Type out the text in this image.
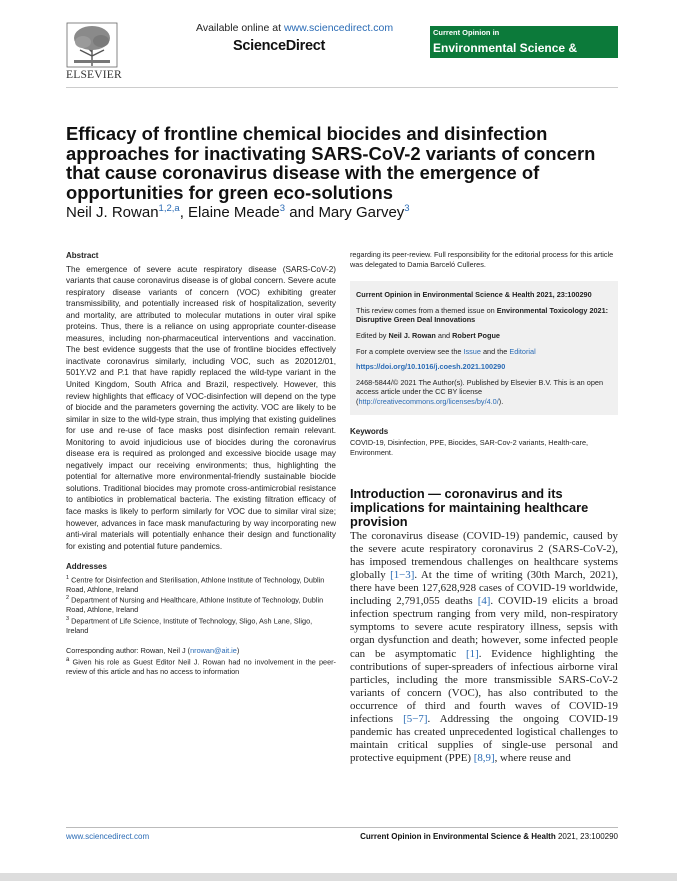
ELSEVIER
Available online at www.sciencedirect.com
ScienceDirect
Current Opinion in
Environmental Science & Health
Efficacy of frontline chemical biocides and disinfection approaches for inactivating SARS-CoV-2 variants of concern that cause coronavirus disease with the emergence of opportunities for green eco-solutions
Neil J. Rowan$^{1,2,a}$, Elaine Meade$^3$ and Mary Garvey$^3$
Abstract

The emergence of severe acute respiratory disease (SARS-CoV-2) variants that cause coronavirus disease is of global concern. Severe acute respiratory disease variants of concern (VOC) exhibiting greater transmissibility, and potentially increased risk of hospitalization, severity and mortality, are attributed to molecular mutations in outer viral spike proteins. Thus, there is a reliance on using appropriate counter-disease measures, including non-pharmaceutical interventions and vaccination. The best evidence suggests that the use of frontline biocides effectively inactivate coronavirus similarly, including VOC, such as 202012/01, 501Y.V2 and P.1 that have rapidly replaced the wild-type variant in the United Kingdom, South Africa and Brazil, respectively. However, this review highlights that efficacy of VOC-disinfection will depend on the type of biocide and the parameters governing the activity. VOC are likely to be similar in size to the wild-type strain, thus implying that existing guidelines for use and re-use of face masks post disinfection remain relevant. Monitoring to avoid injudicious use of biocides during the coronavirus disease era is required as prolonged and excessive biocide usage may negatively impact our receiving environments; thus, highlighting the potential for alternative more environmental-friendly sustainable biocide solutions. Traditional biocides may promote cross-antimicrobial resistance to antibiotics in problematical bacteria. The existing filtration efficacy of face masks is likely to perform similarly for VOC due to similar viral size; however, advances in face mask manufacturing by way incorporating new anti-viral materials will potentially enhance their design and functionality for existing and potential future pandemics.

Addresses

$^1$ Centre for Disinfection and Sterilisation, Athlone Institute of Technology, Dublin Road, Athlone, Ireland

$^2$ Department of Nursing and Healthcare, Athlone Institute of Technology, Dublin Road, Athlone, Ireland

$^3$ Department of Life Science, Institute of Technology, Sligo, Ash Lane, Sligo, Ireland

Corresponding author: Rowan, Neil J (nrowan@ait.ie)

$^a$ Given his role as Guest Editor Neil J. Rowan had no involvement in the peer-review of this article and has no access to information

regarding its peer-review. Full responsibility for the editorial process for this article was delegated to Damia Barceló Culleres.

Current Opinion in Environmental Science & Health 2021, 23:100290

This review comes from a themed issue on Environmental Toxicology 2021: Disruptive Green Deal Innovations

Edited by Neil J. Rowan and Robert Pogue

For a complete overview see the Issue and the Editorial

https://doi.org/10.1016/j.coesh.2021.100290

2468-5844/© 2021 The Author(s). Published by Elsevier B.V. This is an open access article under the CC BY license (http://creativecommons.org/licenses/by/4.0/).

Keywords

COVID-19, Disinfection, PPE, Biocides, SAR-Cov-2 variants, Health-care, Environment.

Introduction — coronavirus and its implications for maintaining healthcare provision

The coronavirus disease (COVID-19) pandemic, caused by the severe acute respiratory coronavirus 2 (SARS-CoV-2), has imposed tremendous challenges on healthcare systems globally [1−3]. At the time of writing (30th March, 2021), there have been 127,628,928 cases of COVID-19 worldwide, including 2,791,055 deaths [4]. COVID-19 elicits a broad infection spectrum ranging from very mild, non-respiratory symptoms to severe acute respiratory illness, sepsis with organ dysfunction and death; however, some infected people can be asymptomatic [1]. Evidence highlighting the contributions of super-spreaders of infectious airborne viral particles, including the more transmissible SARS-CoV-2 variants of concern (VOC), has also contributed to the occurrence of third and fourth waves of COVID-19 infections [5−7]. Addressing the ongoing COVID-19 pandemic has created unprecedented logistical challenges to maintain critical supplies of single-use personal and protective equipment (PPE) [8,9], where reuse and

www.sciencedirect.com	Current Opinion in Environmental Science & Health 2021, 23:100290
